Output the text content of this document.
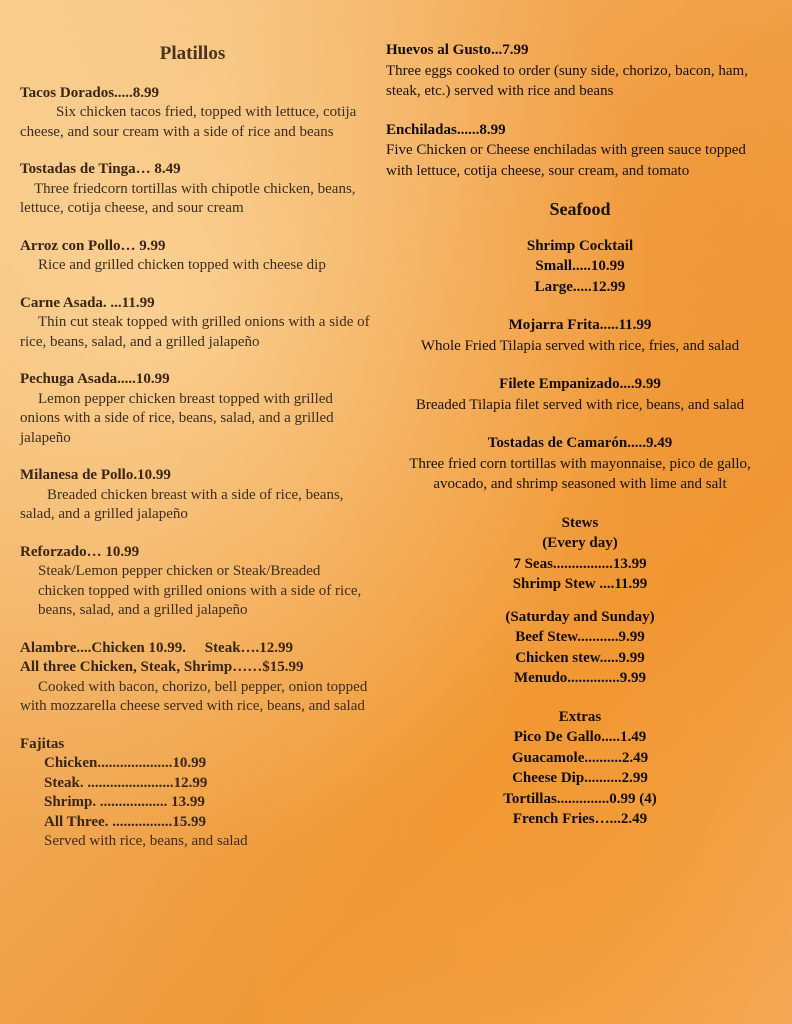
Platillos
Tacos Dorados.....8.99
Six chicken tacos fried, topped with lettuce, cotija cheese, and sour cream with a side of rice and beans
Tostadas de Tinga… 8.49
Three friedcorn tortillas with chipotle chicken, beans, lettuce, cotija cheese, and sour cream
Arroz con Pollo… 9.99
Rice and grilled chicken topped with cheese dip
Carne Asada. ...11.99
Thin cut steak topped with grilled onions with a side of rice, beans, salad, and a grilled jalapeño
Pechuga Asada.....10.99
Lemon pepper chicken breast topped with grilled onions with a side of rice, beans, salad, and a grilled jalapeño
Milanesa de Pollo.10.99
Breaded chicken breast with a side of rice, beans, salad, and a grilled jalapeño
Reforzado… 10.99
Steak/Lemon pepper chicken or Steak/Breaded chicken topped with grilled onions with a side of rice, beans, salad, and a grilled jalapeño
Alambre....Chicken 10.99.     Steak….12.99
All three Chicken, Steak, Shrimp……$15.99
Cooked with bacon, chorizo, bell pepper, onion topped with mozzarella cheese served with rice, beans, and salad
Fajitas
Chicken....................10.99
Steak. .......................12.99
Shrimp. .................. 13.99
All Three. ................15.99
Served with rice, beans, and salad
Huevos al Gusto...7.99
Three eggs cooked to order (suny side, chorizo, bacon, ham, steak, etc.) served with rice and beans
Enchiladas......8.99
Five Chicken or Cheese enchiladas with green sauce topped with lettuce, cotija cheese, sour cream, and tomato
Seafood
Shrimp Cocktail
Small.....10.99
Large.....12.99
Mojarra Frita.....11.99
Whole Fried Tilapia served with rice, fries, and salad
Filete Empanizado....9.99
Breaded Tilapia filet served with rice, beans, and salad
Tostadas de Camarón.....9.49
Three fried corn tortillas with mayonnaise, pico de gallo, avocado, and shrimp seasoned with lime and salt
Stews
(Every day)
7 Seas................13.99
Shrimp Stew ....11.99
(Saturday and Sunday)
Beef Stew...........9.99
Chicken stew.....9.99
Menudo..............9.99
Extras
Pico De Gallo.....1.49
Guacamole..........2.49
Cheese Dip..........2.99
Tortillas..............0.99 (4)
French Fries…...2.49
